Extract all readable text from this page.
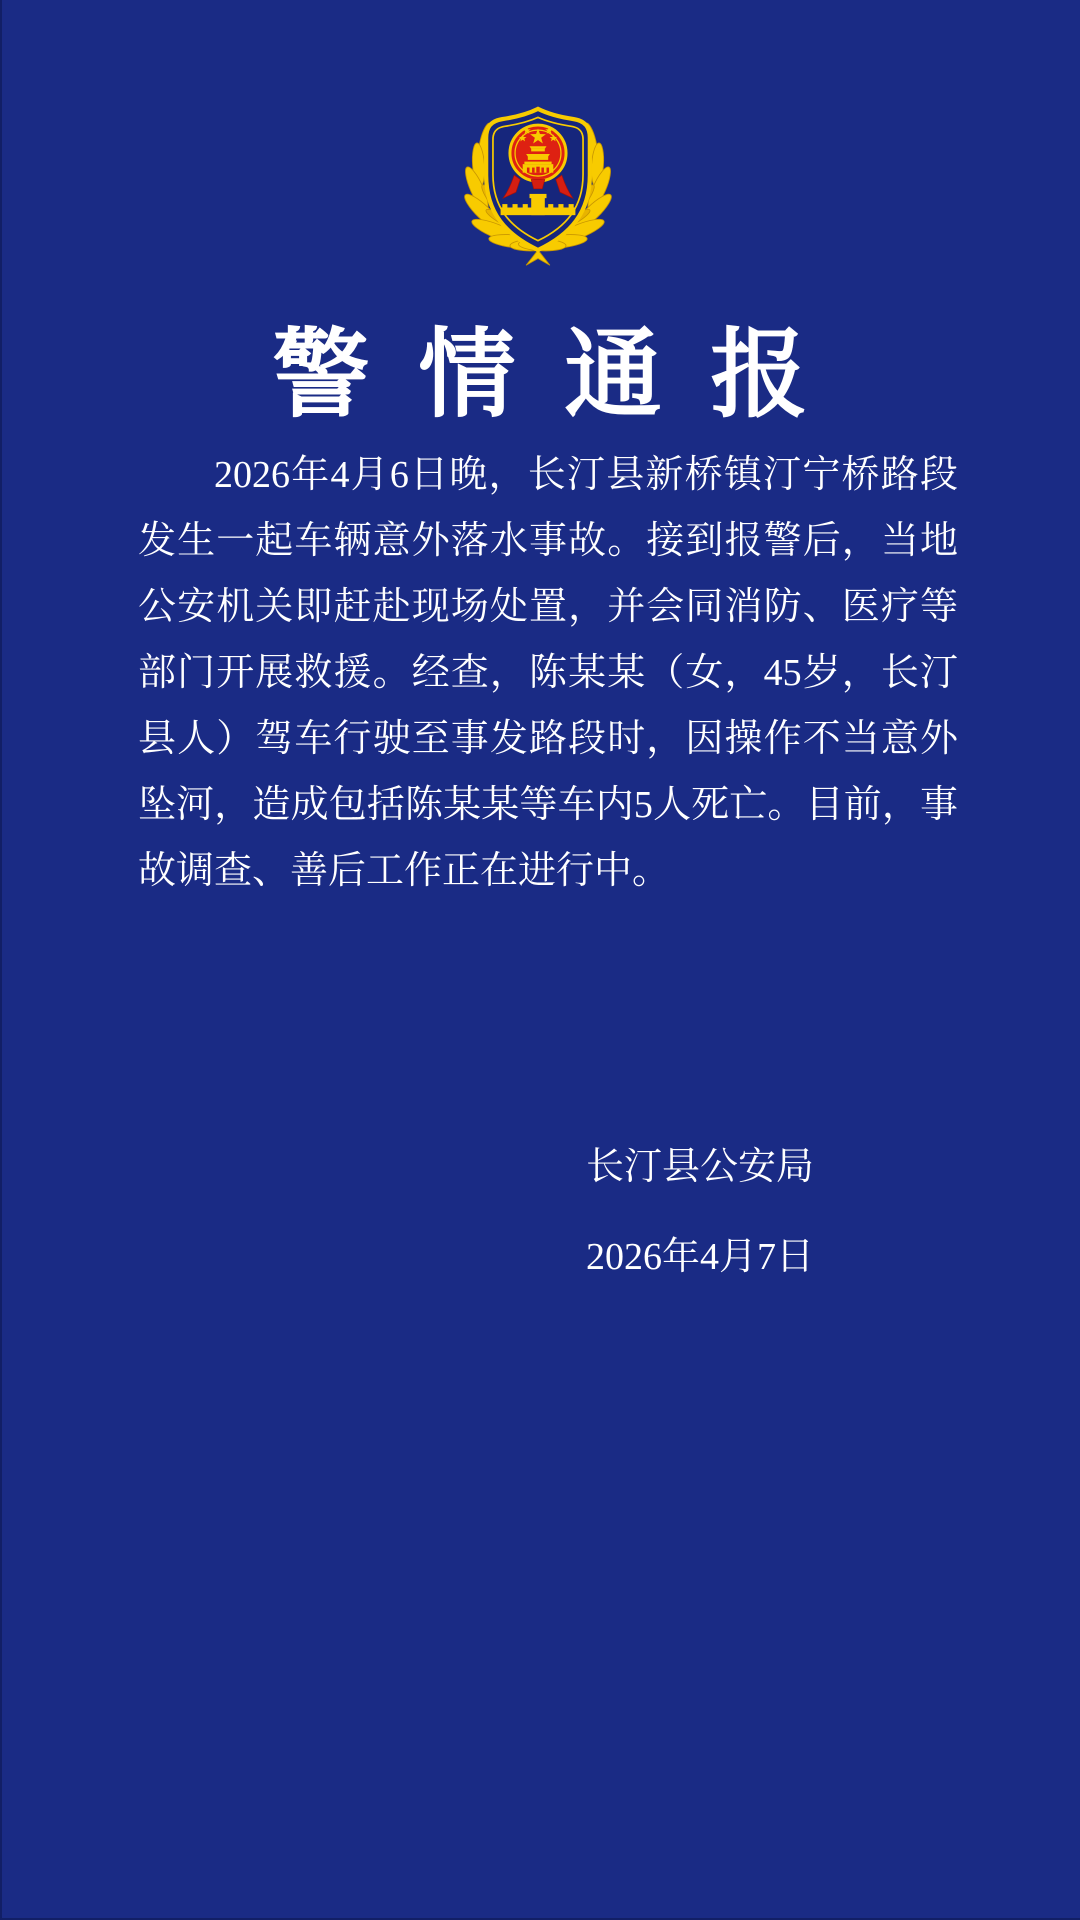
警情通报
2026年4月6日晚，长汀县新桥镇汀宁桥路段
发生一起车辆意外落水事故。接到报警后，当地
公安机关即赶赴现场处置，并会同消防、医疗等
部门开展救援。经查，陈某某（女，45岁，长汀
县人）驾车行驶至事发路段时，因操作不当意外
坠河，造成包括陈某某等车内5人死亡。目前，事
故调查、善后工作正在进行中。
长汀县公安局
2026年4月7日
